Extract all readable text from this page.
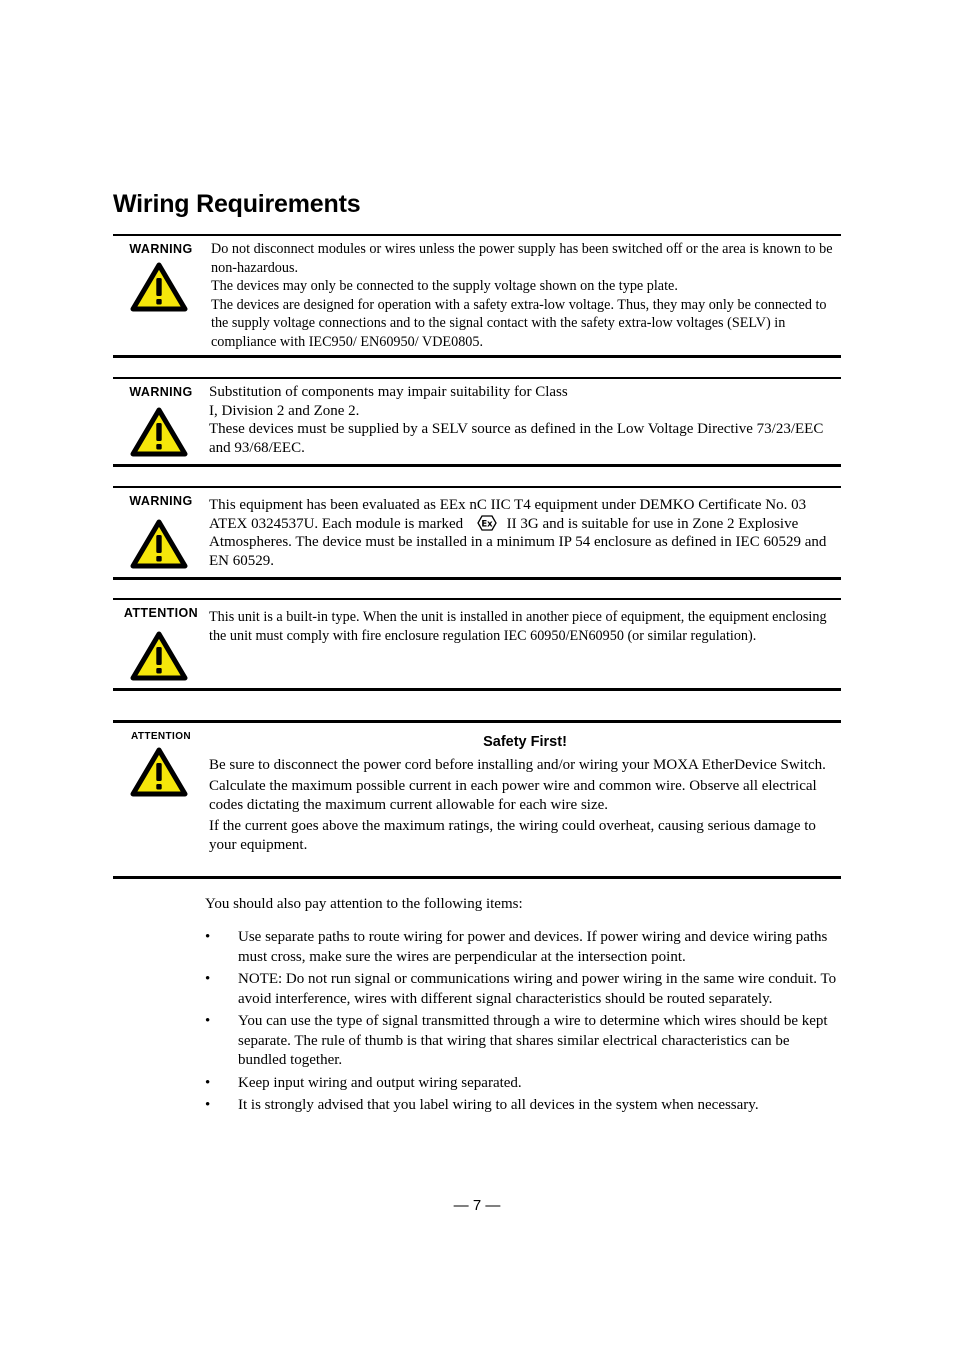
Wiring Requirements
WARNING	Do not disconnect modules or wires unless the power supply has been switched off or the area is known to be non-hazardous.

The devices may only be connected to the supply voltage shown on the type plate.

The devices are designed for operation with a safety extra-low voltage. Thus, they may only be connected to the supply voltage connections and to the signal contact with the safety extra-low voltages (SELV) in compliance with IEC950/ EN60950/ VDE0805.

WARNING	Substitution of components may impair suitability for Class

I, Division 2 and Zone 2.

These devices must be supplied by a SELV source as defined in the Low Voltage Directive 73/23/EEC and 93/68/EEC.

WARNING	This equipment has been evaluated as EEx nC IIC T4 equipment under DEMKO Certificate No. 03 ATEX 0324537U. Each module is marked Ex II 3G and is suitable for use in Zone 2 Explosive Atmospheres. The device must be installed in a minimum IP 54 enclosure as defined in IEC 60529 and EN 60529.

ATTENTION This unit is a built-in type. When the unit is installed in another piece of equipment, the equipment enclosing the unit must comply with fire enclosure regulation IEC 60950/EN60950 (or similar regulation).

ATTENTION	Safety First!

Be sure to disconnect the power cord before installing and/or wiring your MOXA EtherDevice Switch.

Calculate the maximum possible current in each power wire and common wire. Observe all electrical codes dictating the maximum current allowable for each wire size.

If the current goes above the maximum ratings, the wiring could overheat, causing serious damage to your equipment.

You should also pay attention to the following items:

• Use separate paths to route wiring for power and devices. If power wiring and device wiring paths must cross, make sure the wires are perpendicular at the intersection point.
• NOTE: Do not run signal or communications wiring and power wiring in the same wire conduit. To avoid interference, wires with different signal characteristics should be routed separately.
• You can use the type of signal transmitted through a wire to determine which wires should be kept separate. The rule of thumb is that wiring that shares similar electrical characteristics can be bundled together.
• Keep input wiring and output wiring separated.
• It is strongly advised that you label wiring to all devices in the system when necessary.
— 7 —
